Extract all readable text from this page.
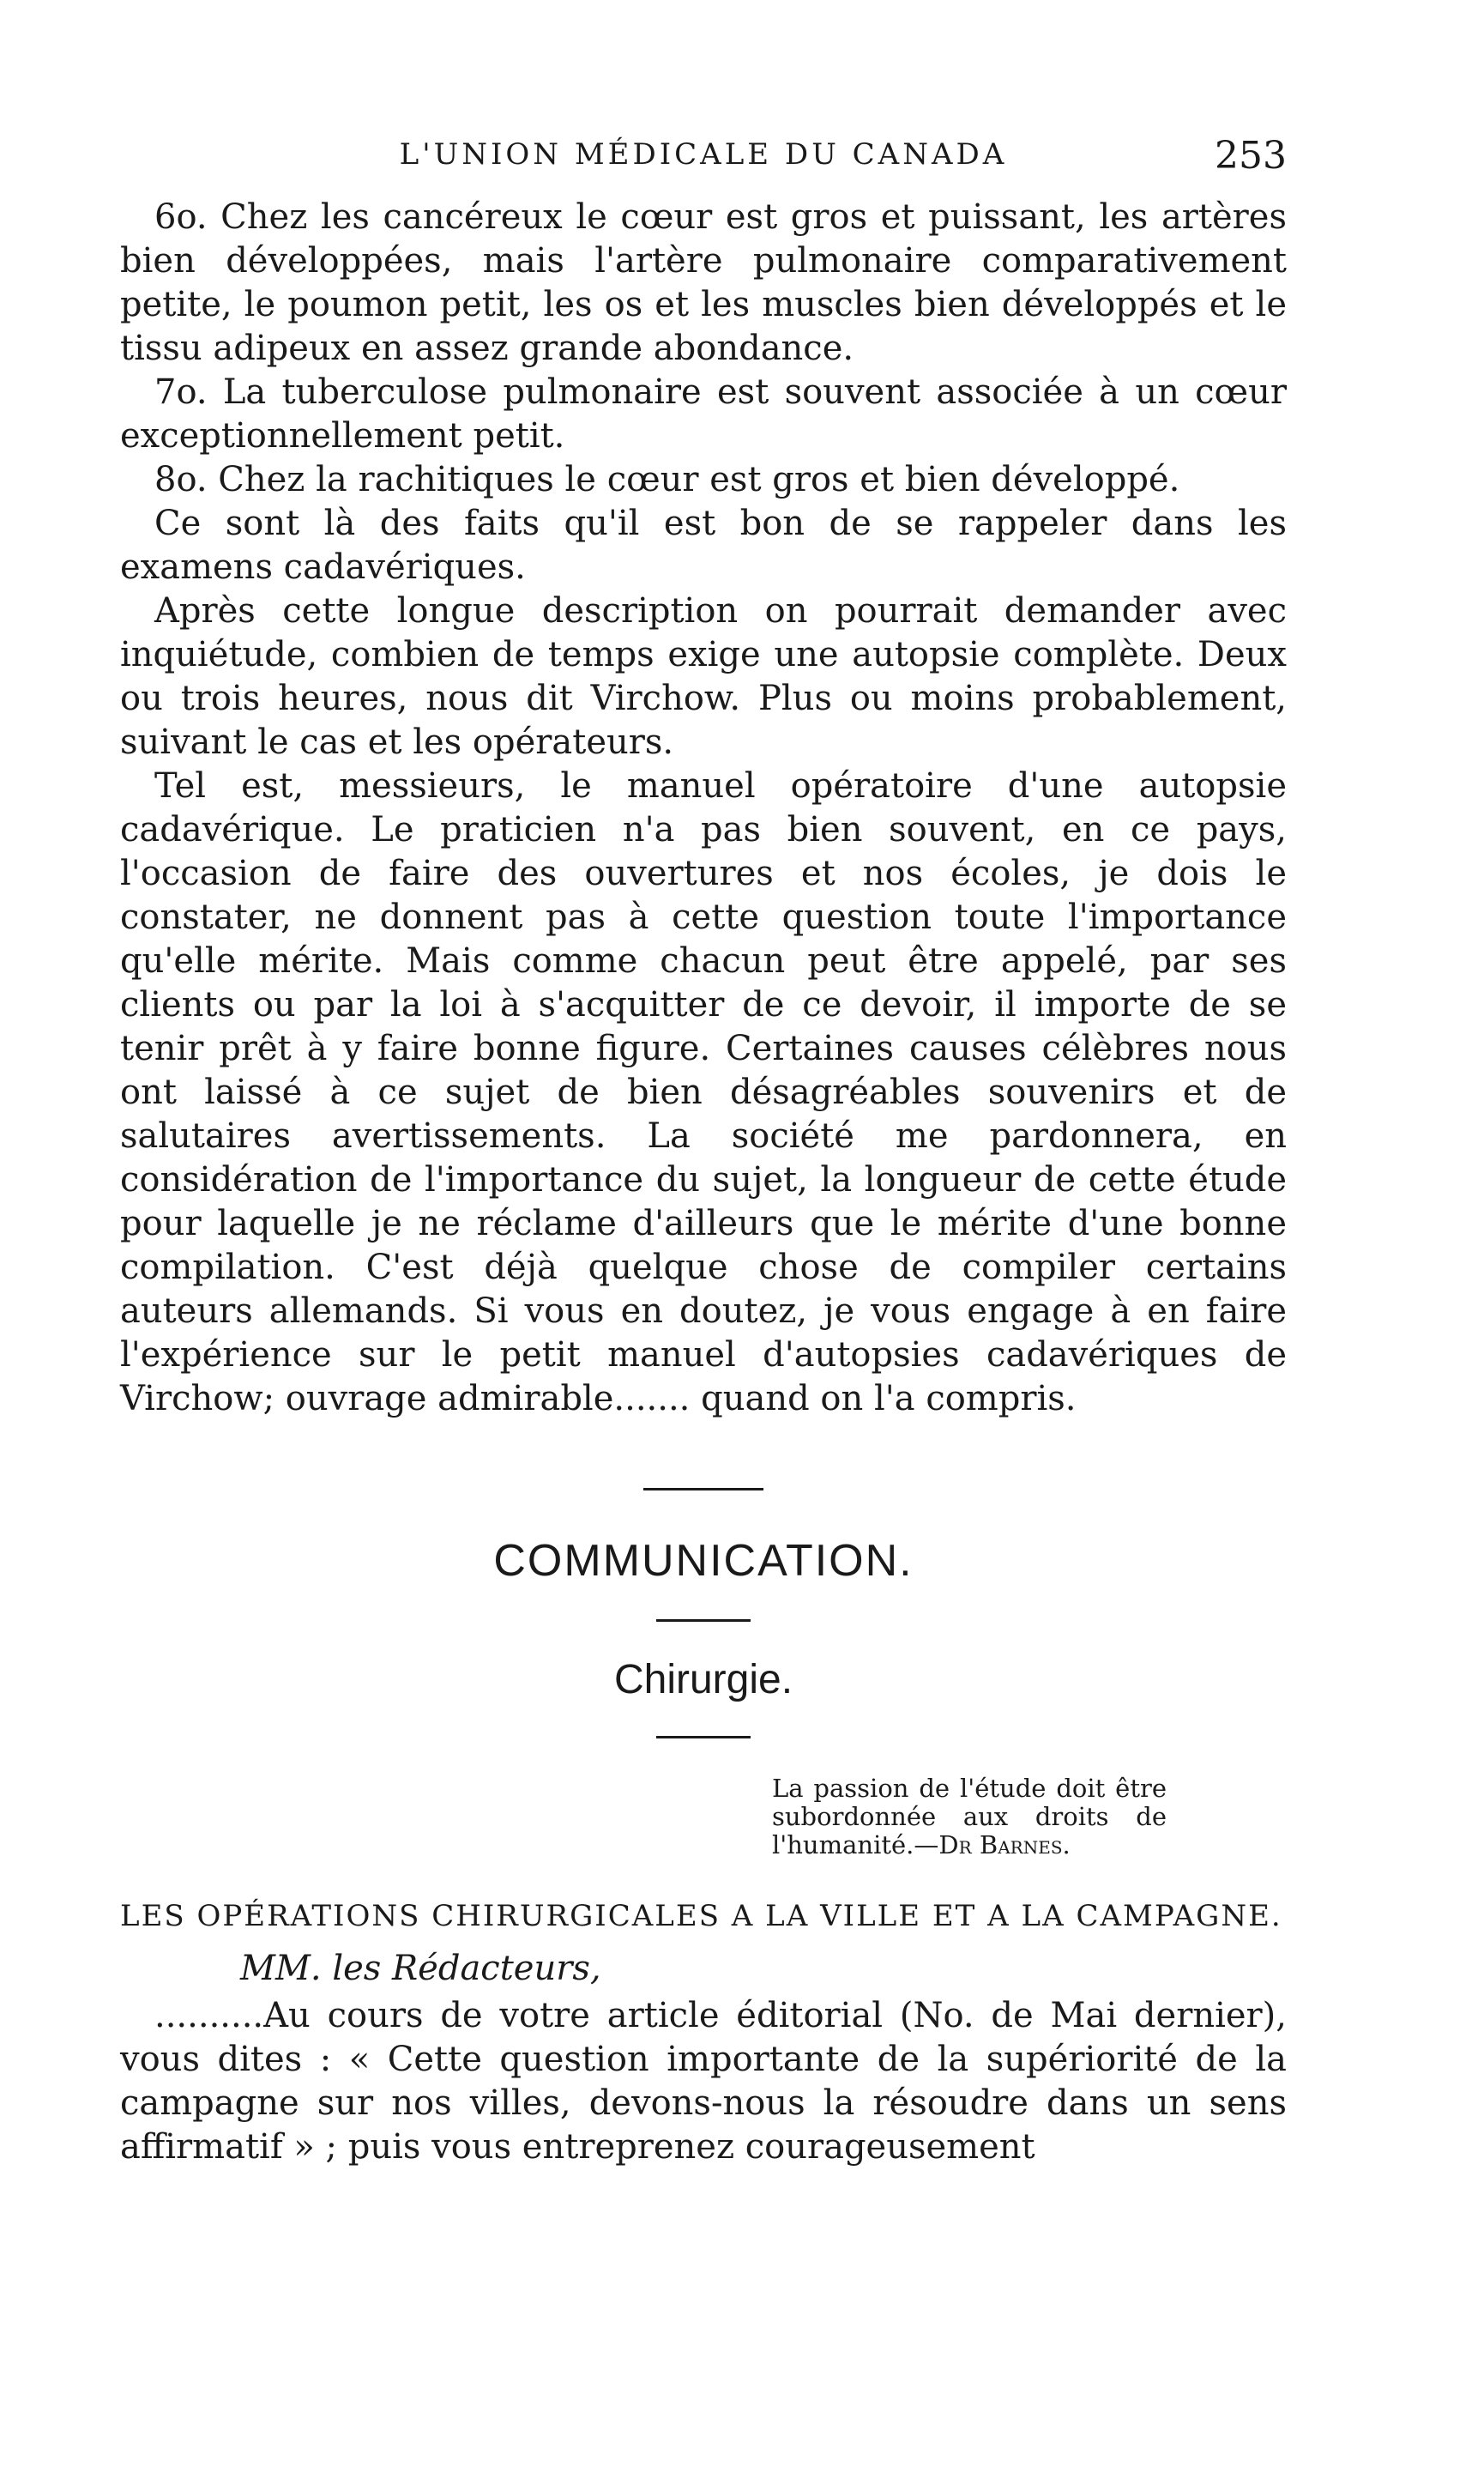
L'UNION MÉDICALE DU CANADA	253

6o. Chez les cancéreux le cœur est gros et puissant, les artères bien développées, mais l'artère pulmonaire comparativement petite, le poumon petit, les os et les muscles bien développés et le tissu adipeux en assez grande abondance.

7o. La tuberculose pulmonaire est souvent associée à un cœur exceptionnellement petit.

8o. Chez la rachitiques le cœur est gros et bien développé.

Ce sont là des faits qu'il est bon de se rappeler dans les examens cadavériques.

Après cette longue description on pourrait demander avec inquiétude, combien de temps exige une autopsie complète. Deux ou trois heures, nous dit Virchow. Plus ou moins probablement, suivant le cas et les opérateurs.

Tel est, messieurs, le manuel opératoire d'une autopsie cadavérique. Le praticien n'a pas bien souvent, en ce pays, l'occasion de faire des ouvertures et nos écoles, je dois le constater, ne donnent pas à cette question toute l'importance qu'elle mérite. Mais comme chacun peut être appelé, par ses clients ou par la loi à s'acquitter de ce devoir, il importe de se tenir prêt à y faire bonne figure. Certaines causes célèbres nous ont laissé à ce sujet de bien désagréables souvenirs et de salutaires avertissements. La société me pardonnera, en considération de l'importance du sujet, la longueur de cette étude pour laquelle je ne réclame d'ailleurs que le mérite d'une bonne compilation. C'est déjà quelque chose de compiler certains auteurs allemands. Si vous en doutez, je vous engage à en faire l'expérience sur le petit manuel d'autopsies cadavériques de Virchow; ouvrage admirable....... quand on l'a compris.

COMMUNICATION.
Chirurgie.
La passion de l'étude doit être subordonnée aux droits de l'humanité.—Dr Barnes.
LES OPÉRATIONS CHIRURGICALES A LA VILLE ET A LA CAMPAGNE.
MM. les Rédacteurs,

..........Au cours de votre article éditorial (No. de Mai dernier), vous dites : « Cette question importante de la supériorité de la campagne sur nos villes, devons-nous la résoudre dans un sens affirmatif » ; puis vous entreprenez courageusement
